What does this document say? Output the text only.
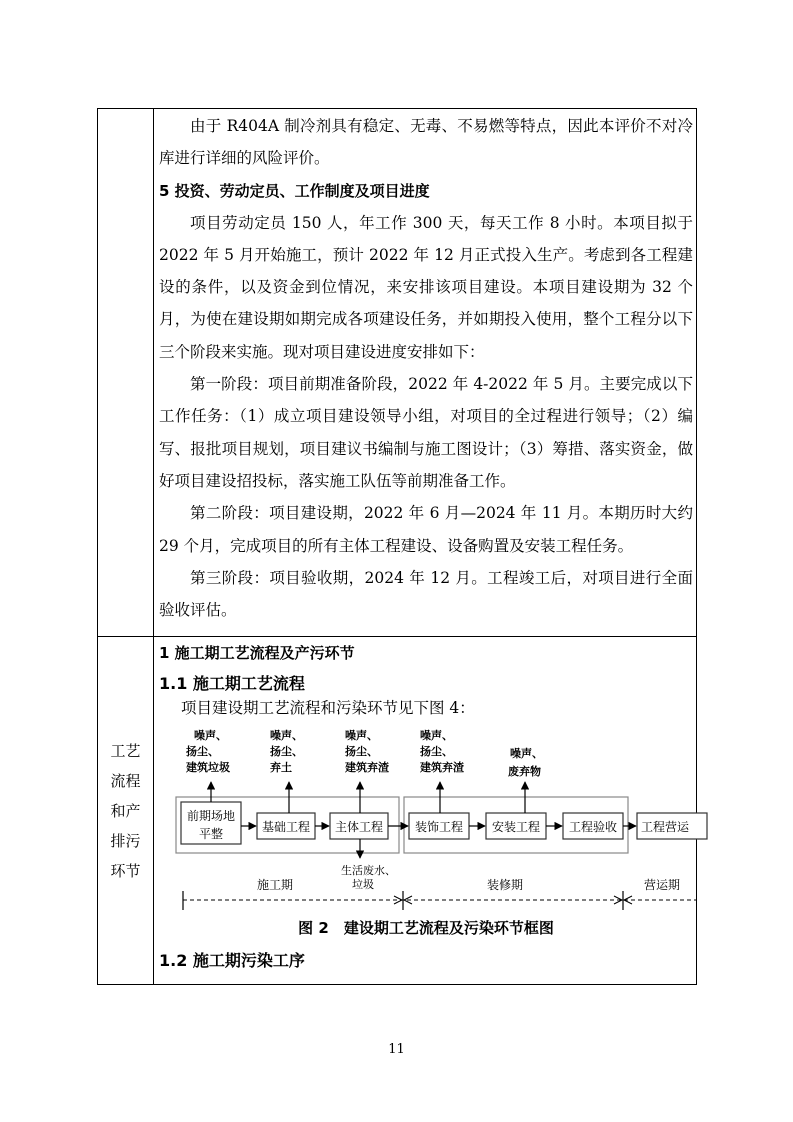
工艺流程和产排污环节

由于 R404A 制冷剂具有稳定、无毒、不易燃等特点，因此本评价不对冷库进行详细的风险评价。

5 投资、劳动定员、工作制度及项目进度

项目劳动定员 150 人，年工作 300 天，每天工作 8 小时。本项目拟于 2022 年 5 月开始施工，预计 2022 年 12 月正式投入生产。考虑到各工程建设的条件，以及资金到位情况，来安排该项目建设。本项目建设期为 32 个月，为使在建设期如期完成各项建设任务，并如期投入使用，整个工程分以下三个阶段来实施。现对项目建设进度安排如下：

第一阶段：项目前期准备阶段，2022 年 4-2022 年 5 月。主要完成以下工作任务：（1）成立项目建设领导小组，对项目的全过程进行领导；（2）编写、报批项目规划，项目建议书编制与施工图设计；（3）筹措、落实资金，做好项目建设招投标，落实施工队伍等前期准备工作。

第二阶段：项目建设期，2022 年 6 月—2024 年 11 月。本期历时大约 29 个月，完成项目的所有主体工程建设、设备购置及安装工程任务。

第三阶段：项目验收期，2024 年 12 月。工程竣工后，对项目进行全面验收评估。

1 施工期工艺流程及产污环节

1.1 施工期工艺流程

项目建设期工艺流程和污染环节见下图 4：

前期场地
平整	基础工程 主体工程	装饰工程 安装工程 工程验收 工程营运
噪声、
扬尘、
建筑垃圾
噪声、
扬尘、
弃土
噪声、
扬尘、
建筑弃渣
噪声、
扬尘、
建筑弃渣
噪声、
废弃物
生活废水、
垃圾
施工期	装修期	营运期
图 2　建设期工艺流程及污染环节框图

1.2 施工期污染工序

11
